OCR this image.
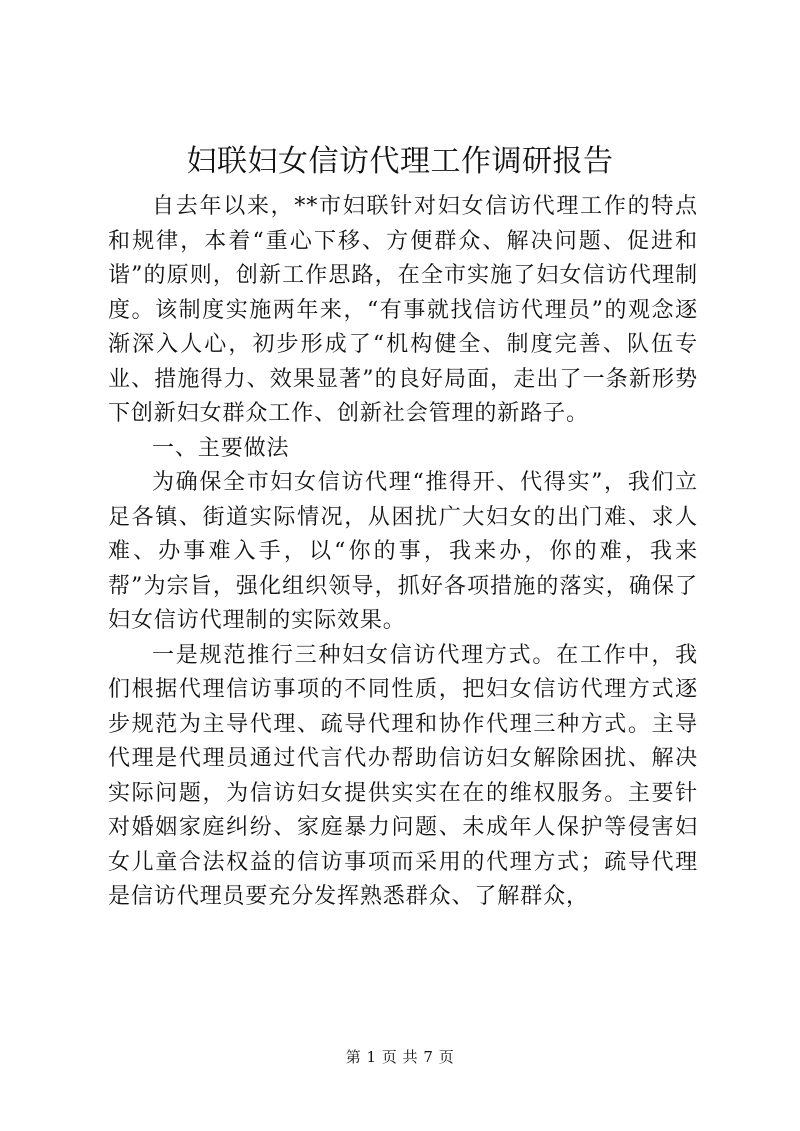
妇联妇女信访代理工作调研报告

自去年以来，**市妇联针对妇女信访代理工作的特点和规律，本着“重心下移、方便群众、解决问题、促进和谐”的原则，创新工作思路，在全市实施了妇女信访代理制度。该制度实施两年来，“有事就找信访代理员”的观念逐渐深入人心，初步形成了“机构健全、制度完善、队伍专业、措施得力、效果显著”的良好局面，走出了一条新形势下创新妇女群众工作、创新社会管理的新路子。

一、主要做法

为确保全市妇女信访代理“推得开、代得实”，我们立足各镇、街道实际情况，从困扰广大妇女的出门难、求人难、办事难入手，以“你的事，我来办，你的难，我来帮”为宗旨，强化组织领导，抓好各项措施的落实，确保了妇女信访代理制的实际效果。

一是规范推行三种妇女信访代理方式。在工作中，我们根据代理信访事项的不同性质，把妇女信访代理方式逐步规范为主导代理、疏导代理和协作代理三种方式。主导代理是代理员通过代言代办帮助信访妇女解除困扰、解决实际问题，为信访妇女提供实实在在的维权服务。主要针对婚姻家庭纠纷、家庭暴力问题、未成年人保护等侵害妇女儿童合法权益的信访事项而采用的代理方式；疏导代理是信访代理员要充分发挥熟悉群众、了解群众，

第 1 页 共 7 页
